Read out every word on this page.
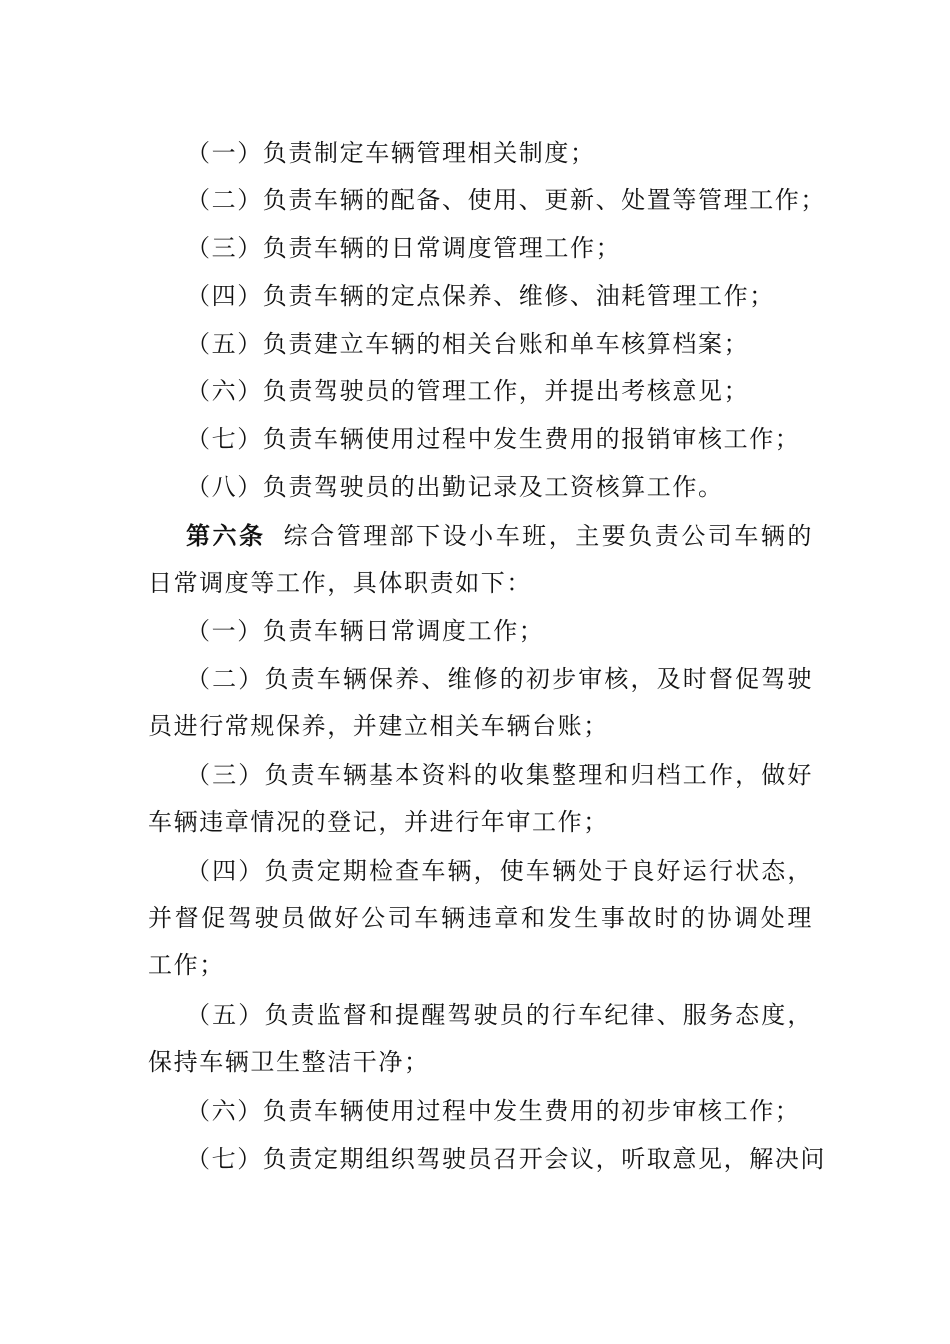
（一）负责制定车辆管理相关制度；

（二）负责车辆的配备、使用、更新、处置等管理工作；

（三）负责车辆的日常调度管理工作；

（四）负责车辆的定点保养、维修、油耗管理工作；

（五）负责建立车辆的相关台账和单车核算档案；

（六）负责驾驶员的管理工作，并提出考核意见；

（七）负责车辆使用过程中发生费用的报销审核工作；

（八）负责驾驶员的出勤记录及工资核算工作。

第六条 综合管理部下设小车班，主要负责公司车辆的日常调度等工作，具体职责如下：

（一）负责车辆日常调度工作；

（二）负责车辆保养、维修的初步审核，及时督促驾驶员进行常规保养，并建立相关车辆台账；

（三）负责车辆基本资料的收集整理和归档工作，做好车辆违章情况的登记，并进行年审工作；

（四）负责定期检查车辆，使车辆处于良好运行状态，并督促驾驶员做好公司车辆违章和发生事故时的协调处理工作；

（五）负责监督和提醒驾驶员的行车纪律、服务态度，保持车辆卫生整洁干净；

（六）负责车辆使用过程中发生费用的初步审核工作；

（七）负责定期组织驾驶员召开会议，听取意见，解决问
